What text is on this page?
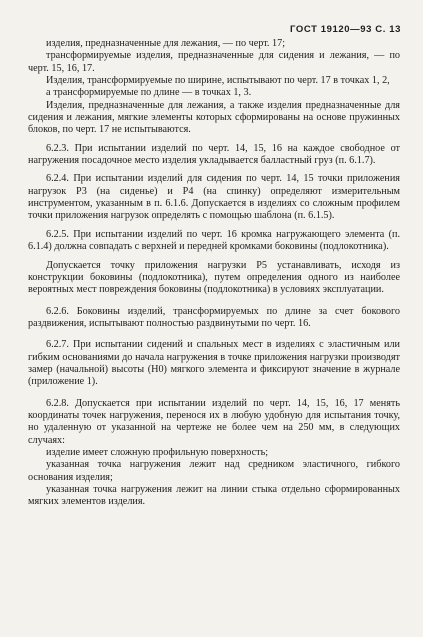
ГОСТ 19120—93 С. 13

изделия, предназначенные для лежания, — по черт. 17;

трансформируемые изделия, предназначенные для сидения и лежания, — по черт. 15, 16, 17.

Изделия, трансформируемые по ширине, испытывают по черт. 17 в точках 1, 2,

а трансформируемые по длине — в точках 1, 3.

Изделия, предназначенные для лежания, а также изделия предназначенные для сидения и лежания, мягкие элементы которых сформированы на основе пружинных блоков, по черт. 17 не испытываются.

6.2.3. При испытании изделий по черт. 14, 15, 16 на каждое свободное от нагружения посадочное место изделия укладывается балластный груз (п. 6.1.7).

6.2.4. При испытании изделий для сидения по черт. 14, 15 точки приложения нагрузок P3 (на сиденье) и P4 (на спинку) определяют измерительным инструментом, указанным в п. 6.1.6. Допускается в изделиях со сложным профилем точки приложения нагрузок определять с помощью шаблона (п. 6.1.5).

6.2.5. При испытании изделий по черт. 16 кромка нагружающего элемента (п. 6.1.4) должна совпадать с верхней и передней кромками боковины (подлокотника).

Допускается точку приложения нагрузки P5 устанавливать, исходя из конструкции боковины (подлокотника), путем определения одного из наиболее вероятных мест повреждения боковины (подлокотника) в условиях эксплуатации.

6.2.6. Боковины изделий, трансформируемых по длине за счет бокового раздвижения, испытывают полностью раздвинутыми по черт. 16.

6.2.7. При испытании сидений и спальных мест в изделиях с эластичным или гибким основаниями до начала нагружения в точке приложения нагрузки производят замер (начальной) высоты (H0) мягкого элемента и фиксируют значение в журнале (приложение 1).

6.2.8. Допускается при испытании изделий по черт. 14, 15, 16, 17 менять координаты точек нагружения, перенося их в любую удобную для испытания точку, но удаленную от указанной на чертеже не более чем на 250 мм, в следующих случаях:

изделие имеет сложную профильную поверхность;

указанная точка нагружения лежит над средником эластичного, гибкого основания изделия;

указанная точка нагружения лежит на линии стыка отдельно сформированных мягких элементов изделия.
